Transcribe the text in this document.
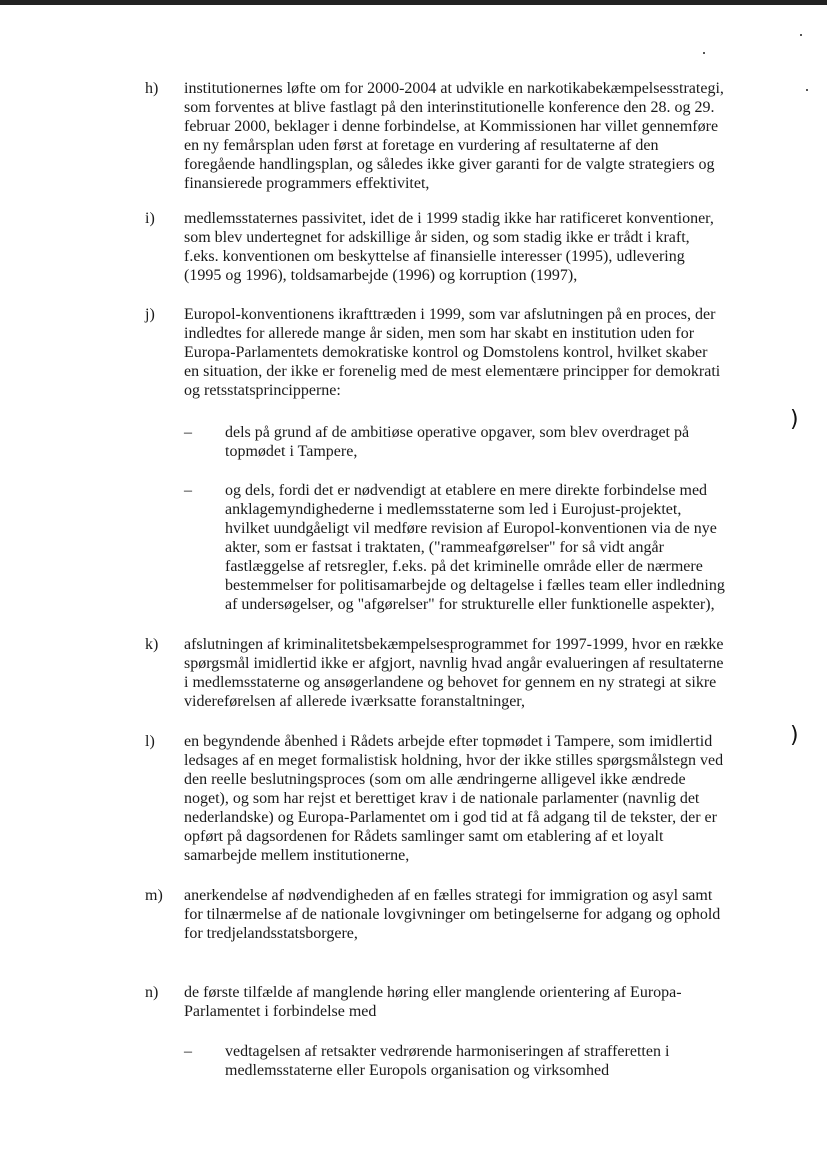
h) institutionernes løfte om for 2000-2004 at udvikle en narkotikabekæmpelsesstrategi,
som forventes at blive fastlagt på den interinstitutionelle konference den 28. og 29.
februar 2000, beklager i denne forbindelse, at Kommissionen har villet gennemføre
en ny femårsplan uden først at foretage en vurdering af resultaterne af den
foregående handlingsplan, og således ikke giver garanti for de valgte strategiers og
finansierede programmers effektivitet,
i) medlemsstaternes passivitet, idet de i 1999 stadig ikke har ratificeret konventioner,
som blev undertegnet for adskillige år siden, og som stadig ikke er trådt i kraft,
f.eks. konventionen om beskyttelse af finansielle interesser (1995), udlevering
(1995 og 1996), toldsamarbejde (1996) og korruption (1997),
j) Europol-konventionens ikrafttræden i 1999, som var afslutningen på en proces, der
indledtes for allerede mange år siden, men som har skabt en institution uden for
Europa-Parlamentets demokratiske kontrol og Domstolens kontrol, hvilket skaber
en situation, der ikke er forenelig med de mest elementære principper for demokrati
og retsstatsprincipperne:
– dels på grund af de ambitiøse operative opgaver, som blev overdraget på
topmødet i Tampere,
– og dels, fordi det er nødvendigt at etablere en mere direkte forbindelse med
anklagemyndighederne i medlemsstaterne som led i Eurojust-projektet,
hvilket uundgåeligt vil medføre revision af Europol-konventionen via de nye
akter, som er fastsat i traktaten, ("rammeafgørelser" for så vidt angår
fastlæggelse af retsregler, f.eks. på det kriminelle område eller de nærmere
bestemmelser for politisamarbejde og deltagelse i fælles team eller indledning
af undersøgelser, og "afgørelser" for strukturelle eller funktionelle aspekter),
k) afslutningen af kriminalitetsbekæmpelsesprogrammet for 1997-1999, hvor en række
spørgsmål imidlertid ikke er afgjort, navnlig hvad angår evalueringen af resultaterne
i medlemsstaterne og ansøgerlandene og behovet for gennem en ny strategi at sikre
videreførelsen af allerede iværksatte foranstaltninger,
l) en begyndende åbenhed i Rådets arbejde efter topmødet i Tampere, som imidlertid
ledsages af en meget formalistisk holdning, hvor der ikke stilles spørgsmålstegn ved
den reelle beslutningsproces (som om alle ændringerne alligevel ikke ændrede
noget), og som har rejst et berettiget krav i de nationale parlamenter (navnlig det
nederlandske) og Europa-Parlamentet om i god tid at få adgang til de tekster, der er
opført på dagsordenen for Rådets samlinger samt om etablering af et loyalt
samarbejde mellem institutionerne,
m) anerkendelse af nødvendigheden af en fælles strategi for immigration og asyl samt
for tilnærmelse af de nationale lovgivninger om betingelserne for adgang og ophold
for tredjelandsstatsborgere,
n) de første tilfælde af manglende høring eller manglende orientering af Europa-
Parlamentet i forbindelse med
– vedtagelsen af retsakter vedrørende harmoniseringen af strafferetten i
medlemsstaterne eller Europols organisation og virksomhed
)
)
